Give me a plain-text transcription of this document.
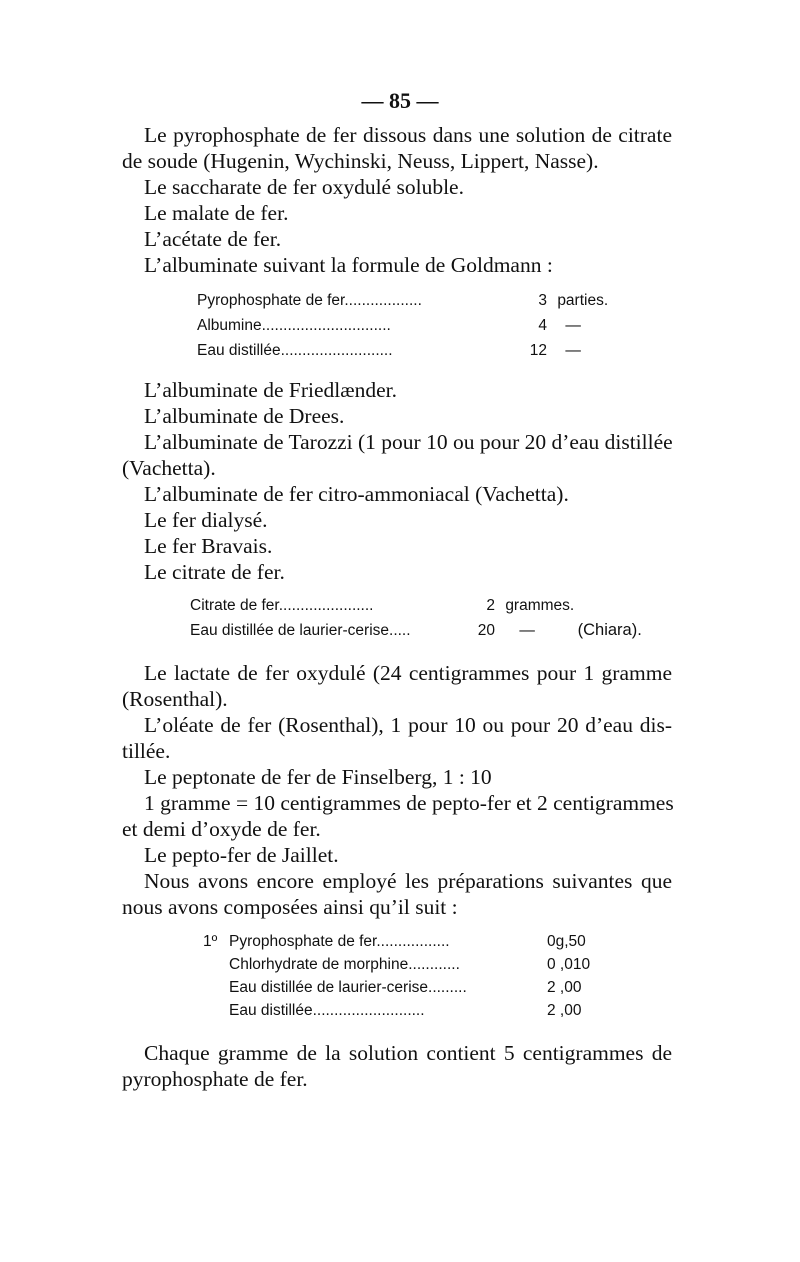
— 85 —
Le pyrophosphate de fer dissous dans une solution de citrate
de soude (Hugenin, Wychinski, Neuss, Lippert, Nasse).
Le saccharate de fer oxydulé soluble.
Le malate de fer.
L’acétate de fer.
L’albuminate suivant la formule de Goldmann :
Pyrophosphate de fer..................	3 parties.
Albumine..............................	4 —
Eau distillée..........................	12 —
L’albuminate de Friedlænder.
L’albuminate de Drees.
L’albuminate de Tarozzi (1 pour 10 ou pour 20 d’eau distillée
(Vachetta).
L’albuminate de fer citro-ammoniacal (Vachetta).
Le fer dialysé.
Le fer Bravais.
Le citrate de fer.
Citrate de fer......................	2 grammes.
Eau distillée de laurier-cerise.....	20 —	(Chiara).
Le lactate de fer oxydulé (24 centigrammes pour 1 gramme
(Rosenthal).
L’oléate de fer (Rosenthal), 1 pour 10 ou pour 20 d’eau dis-
tillée.
Le peptonate de fer de Finselberg, 1 : 10
1 gramme = 10 centigrammes de pepto-fer et 2 centigrammes
et demi d’oxyde de fer.
Le pepto-fer de Jaillet.
Nous avons encore employé les préparations suivantes que
nous avons composées ainsi qu’il suit :
1º Pyrophosphate de fer.................	0g,50
Chlorhydrate de morphine............	0 ,010
Eau distillée de laurier-cerise.........	2 ,00
Eau distillée..........................	2 ,00
Chaque gramme de la solution contient 5 centigrammes de
pyrophosphate de fer.
